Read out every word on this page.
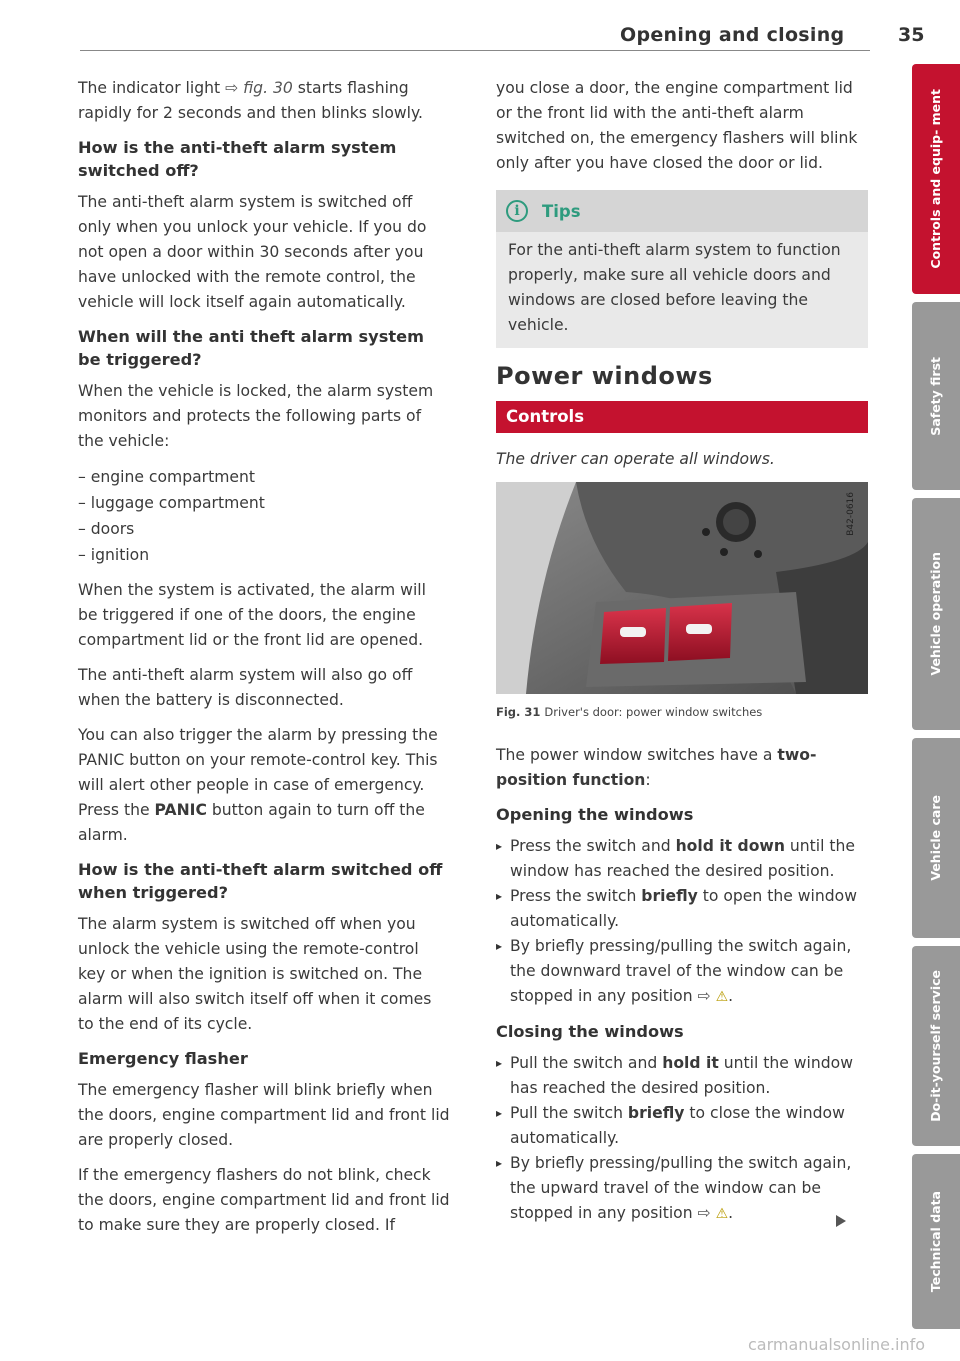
Opening and closing	35

The indicator light ⇨ fig. 30 starts flashing rapidly for 2 seconds and then blinks slowly.

How is the anti-theft alarm system switched off?

The anti-theft alarm system is switched off only when you unlock your vehicle. If you do not open a door within 30 seconds after you have unlocked with the remote control, the vehicle will lock itself again automatically.

When will the anti theft alarm system be triggered?

When the vehicle is locked, the alarm system monitors and protects the following parts of the vehicle:

– engine compartment
– luggage compartment
– doors
– ignition

When the system is activated, the alarm will be triggered if one of the doors, the engine compartment lid or the front lid are opened.

The anti-theft alarm system will also go off when the battery is disconnected.

You can also trigger the alarm by pressing the PANIC button on your remote-control key. This will alert other people in case of emergency. Press the PANIC button again to turn off the alarm.

How is the anti-theft alarm switched off when triggered?

The alarm system is switched off when you unlock the vehicle using the remote-control key or when the ignition is switched on. The alarm will also switch itself off when it comes to the end of its cycle.

Emergency flasher

The emergency flasher will blink briefly when the doors, engine compartment lid and front lid are properly closed.

If the emergency flashers do not blink, check the doors, engine compartment lid and front lid to make sure they are properly closed. If

you close a door, the engine compartment lid or the front lid with the anti-theft alarm switched on, the emergency flashers will blink only after you have closed the door or lid.

i	Tips
For the anti-theft alarm system to function properly, make sure all vehicle doors and windows are closed before leaving the vehicle.
Power windows
Controls

The driver can operate all windows.

B42-0616
Fig. 31 Driver's door: power window switches

The power window switches have a two-position function:

Opening the windows
▸ Press the switch and hold it down until the window has reached the desired position.
▸ Press the switch briefly to open the window automatically.
▸ By briefly pressing/pulling the switch again, the downward travel of the window can be stopped in any position ⇨ ⚠.
Closing the windows
▸ Pull the switch and hold it until the window has reached the desired position.
▸ Pull the switch briefly to close the window automatically.
▸ By briefly pressing/pulling the switch again, the upward travel of the window can be stopped in any position ⇨ ⚠.
Controls and equip- ment
Safety first
Vehicle operation
Vehicle care
Do-it-yourself service
Technical data
carmanualsonline.info
